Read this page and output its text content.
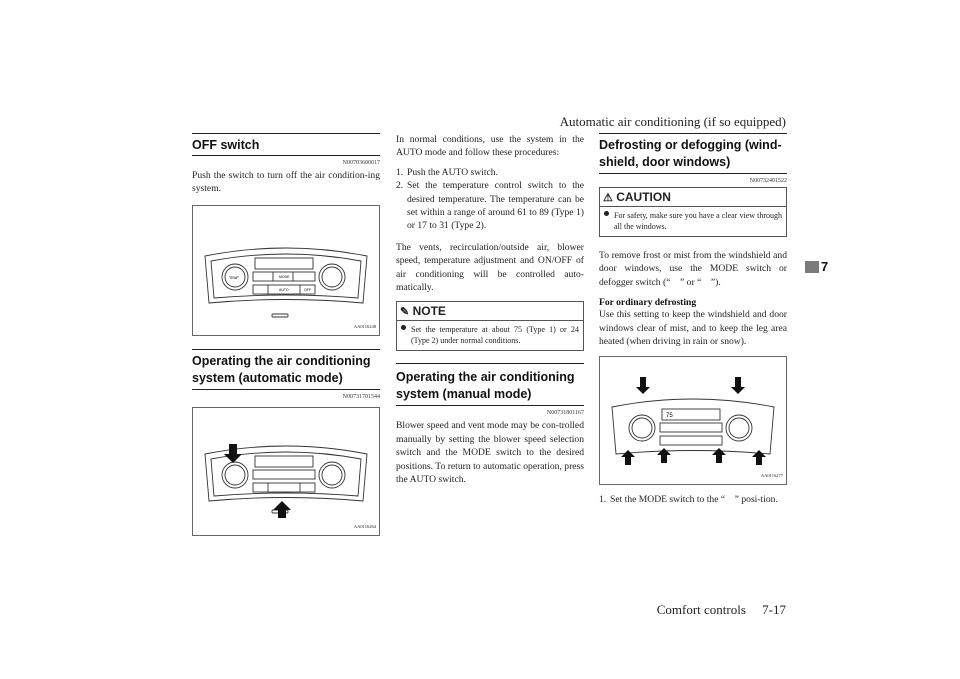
Automatic air conditioning (if so equipped)
Comfort controls 7-17
7
OFF switch
N00703600017
Push the switch to turn off the air condition-ing system.
TEMP	MODE
AUTO	OFF
AA0116248
Operating the air conditioning system (automatic mode)
N00731701544
AA0116264
In normal conditions, use the system in the AUTO mode and follow these procedures:
1. Push the AUTO switch.
2. Set the temperature control switch to the desired temperature. The temperature can be set within a range of around 61 to 89 (Type 1) or 17 to 31 (Type 2).
The vents, recirculation/outside air, blower speed, temperature adjustment and ON/OFF of air conditioning will be controlled auto-matically.
✎ NOTE
Set the temperature at about 75 (Type 1) or 24 (Type 2) under normal conditions.
Operating the air conditioning system (manual mode)
N00731801167
Blower speed and vent mode may be con-trolled manually by setting the blower speed selection switch and the MODE switch to the desired positions. To return to automatic operation, press the AUTO switch.
Defrosting or defogging (wind-shield, door windows)
N00732401522
⚠ CAUTION
For safety, make sure you have a clear view through all the windows.
To remove frost or mist from the windshield and door windows, use the MODE switch or defogger switch (“    ” or “    ”).
For ordinary defrosting
Use this setting to keep the windshield and door windows clear of mist, and to keep the leg area heated (when driving in rain or snow).
75
AA0116277
1. Set the MODE switch to the “    ” posi-tion.
